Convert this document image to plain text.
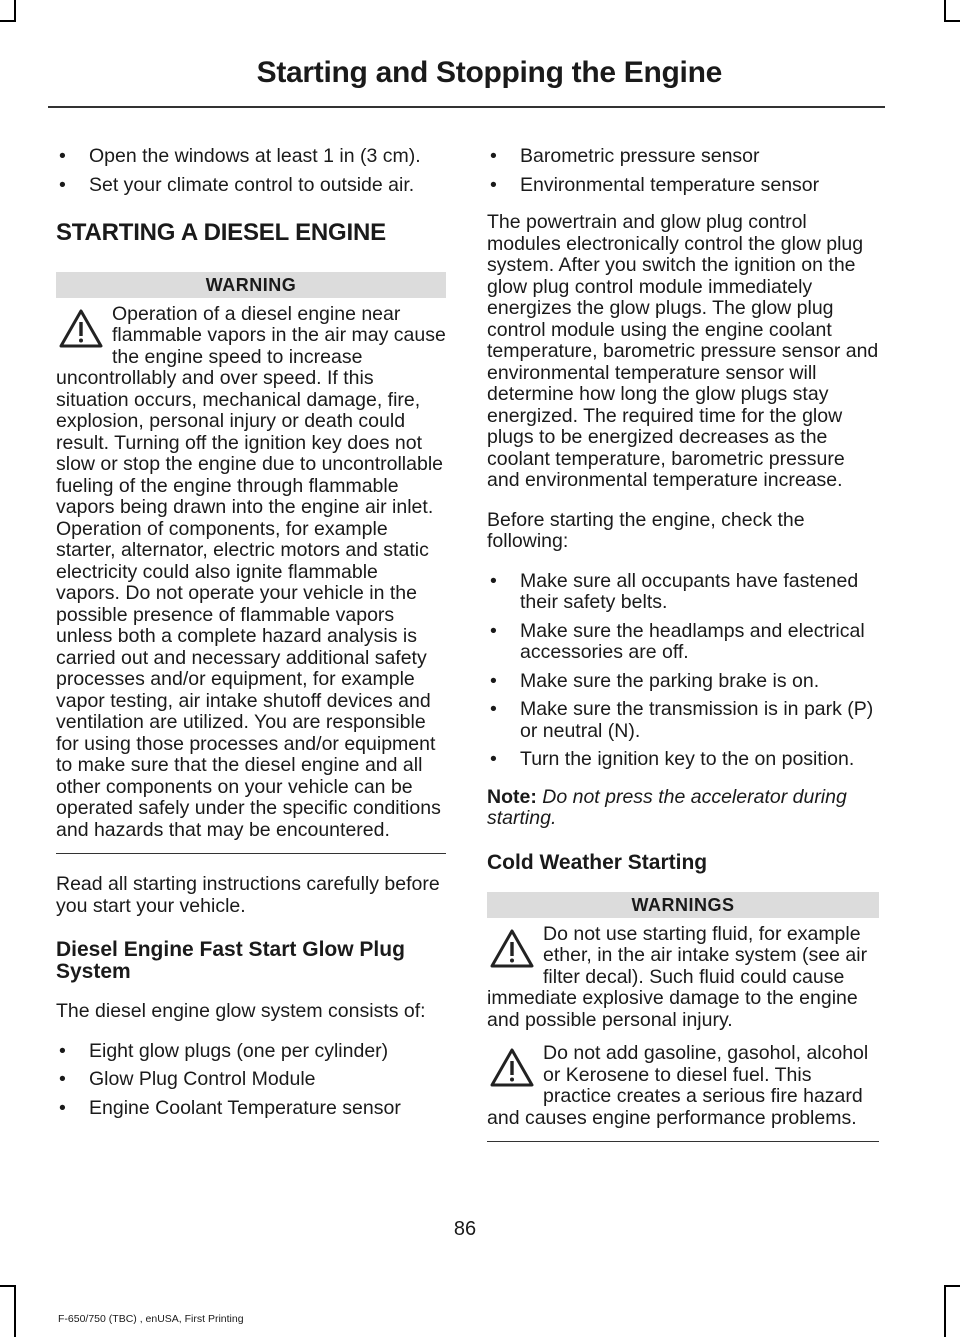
Starting and Stopping the Engine
• Open the windows at least 1 in (3 cm).
• Set your climate control to outside air.
STARTING A DIESEL ENGINE
WARNING
Operation of a diesel engine near flammable vapors in the air may cause the engine speed to increase uncontrollably and over speed. If this situation occurs, mechanical damage, fire, explosion, personal injury or death could result. Turning off the ignition key does not slow or stop the engine due to uncontrollable fueling of the engine through flammable vapors being drawn into the engine air inlet. Operation of components, for example starter, alternator, electric motors and static electricity could also ignite flammable vapors. Do not operate your vehicle in the possible presence of flammable vapors unless both a complete hazard analysis is carried out and necessary additional safety processes and/or equipment, for example vapor testing, air intake shutoff devices and ventilation are utilized. You are responsible for using those processes and/or equipment to make sure that the diesel engine and all other components on your vehicle can be operated safely under the specific conditions and hazards that may be encountered.

Read all starting instructions carefully before you start your vehicle.

Diesel Engine Fast Start Glow Plug System

The diesel engine glow system consists of:

• Eight glow plugs (one per cylinder)
• Glow Plug Control Module
• Engine Coolant Temperature sensor
• Barometric pressure sensor
• Environmental temperature sensor

The powertrain and glow plug control modules electronically control the glow plug system. After you switch the ignition on the glow plug control module immediately energizes the glow plugs. The glow plug control module using the engine coolant temperature, barometric pressure sensor and environmental temperature sensor will determine how long the glow plugs stay energized. The required time for the glow plugs to be energized decreases as the coolant temperature, barometric pressure and environmental temperature increase.

Before starting the engine, check the following:

• Make sure all occupants have fastened their safety belts.
• Make sure the headlamps and electrical accessories are off.
• Make sure the parking brake is on.
• Make sure the transmission is in park (P) or neutral (N).
• Turn the ignition key to the on position.

Note: Do not press the accelerator during starting.

Cold Weather Starting
WARNINGS
Do not use starting fluid, for example ether, in the air intake system (see air filter decal). Such fluid could cause immediate explosive damage to the engine and possible personal injury.
Do not add gasoline, gasohol, alcohol or Kerosene to diesel fuel. This practice creates a serious fire hazard and causes engine performance problems.
86
F-650/750 (TBC) , enUSA, First Printing
